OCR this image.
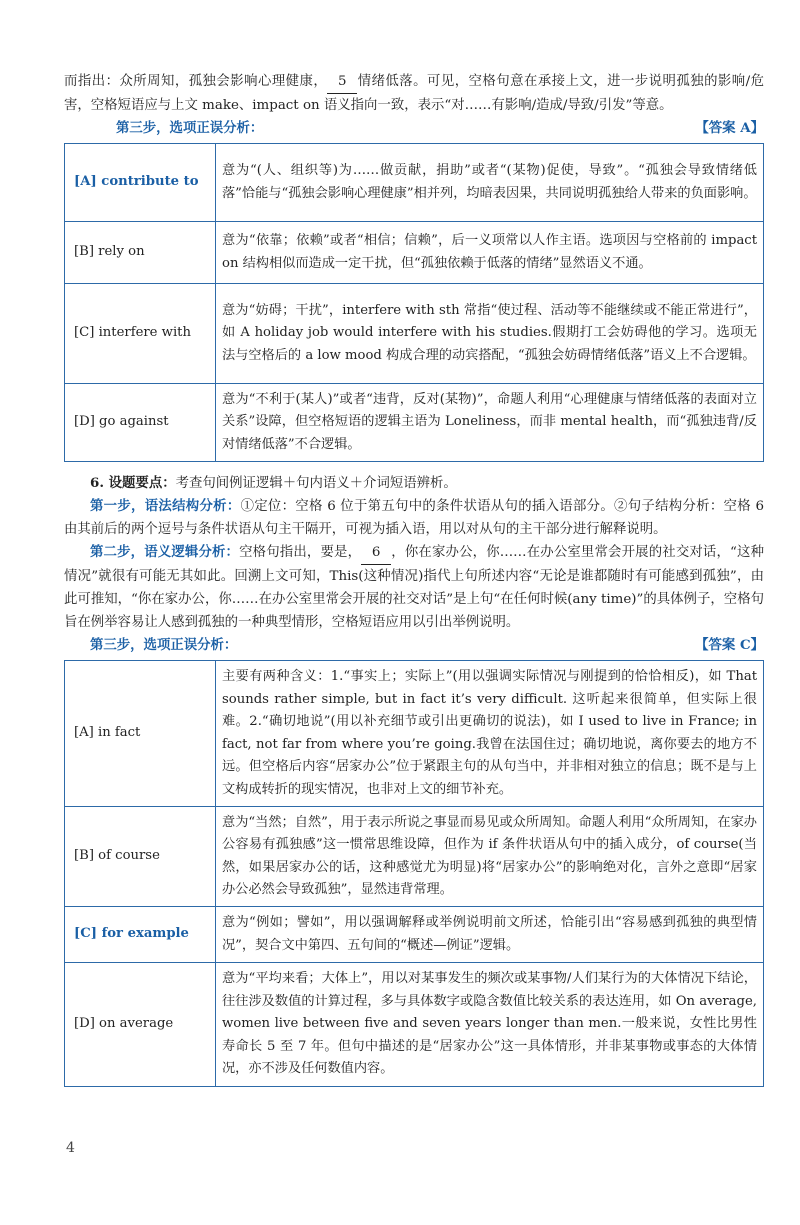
而指出：众所周知，孤独会影响心理健康， 5 情绪低落。可见，空格句意在承接上文，进一步说明孤独的影响/危害，空格短语应与上文 make、impact on 语义指向一致，表示“对……有影响/造成/导致/引发”等意。

第三步，选项正误分析：	【答案 A】
[A] contribute to	意为“(人、组织等)为……做贡献，捐助”或者“(某物)促使，导致”。“孤独会导致情绪低落”恰能与“孤独会影响心理健康”相并列，均暗表因果，共同说明孤独给人带来的负面影响。
[B] rely on	意为“依靠；依赖”或者“相信；信赖”，后一义项常以人作主语。选项因与空格前的 impact on 结构相似而造成一定干扰，但“孤独依赖于低落的情绪”显然语义不通。
[C] interfere with	意为“妨碍；干扰”，interfere with sth 常指“使过程、活动等不能继续或不能正常进行”，如 A holiday job would interfere with his studies.假期打工会妨碍他的学习。选项无法与空格后的 a low mood 构成合理的动宾搭配，“孤独会妨碍情绪低落”语义上不合逻辑。
[D] go against	意为“不利于(某人)”或者“违背，反对(某物)”，命题人利用“心理健康与情绪低落的表面对立关系”设障，但空格短语的逻辑主语为 Loneliness，而非 mental health，而“孤独违背/反对情绪低落”不合逻辑。

6. 设题要点：考查句间例证逻辑＋句内语义＋介词短语辨析。

第一步，语法结构分析：①定位：空格 6 位于第五句中的条件状语从句的插入语部分。②句子结构分析：空格 6 由其前后的两个逗号与条件状语从句主干隔开，可视为插入语，用以对从句的主干部分进行解释说明。

第二步，语义逻辑分析：空格句指出，要是， 6 ，你在家办公，你……在办公室里常会开展的社交对话，“这种情况”就很有可能无其如此。回溯上文可知，This(这种情况)指代上句所述内容“无论是谁都随时有可能感到孤独”，由此可推知，“你在家办公，你……在办公室里常会开展的社交对话”是上句“在任何时候(any time)”的具体例子，空格句旨在例举容易让人感到孤独的一种典型情形，空格短语应用以引出举例说明。

第三步，选项正误分析：	【答案 C】
[A] in fact	主要有两种含义：1.“事实上；实际上”(用以强调实际情况与刚提到的恰恰相反)，如 That sounds rather simple, but in fact it’s very difficult. 这听起来很简单，但实际上很难。2.“确切地说”(用以补充细节或引出更确切的说法)，如 I used to live in France; in fact, not far from where you’re going.我曾在法国住过；确切地说，离你要去的地方不远。但空格后内容“居家办公”位于紧跟主句的从句当中，并非相对独立的信息；既不是与上文构成转折的现实情况，也非对上文的细节补充。
[B] of course	意为“当然；自然”，用于表示所说之事显而易见或众所周知。命题人利用“众所周知，在家办公容易有孤独感”这一惯常思维设障，但作为 if 条件状语从句中的插入成分，of course(当然，如果居家办公的话，这种感觉尤为明显)将“居家办公”的影响绝对化，言外之意即“居家办公必然会导致孤独”，显然违背常理。
[C] for example	意为“例如；譬如”，用以强调解释或举例说明前文所述，恰能引出“容易感到孤独的典型情况”，契合文中第四、五句间的“概述—例证”逻辑。
[D] on average	意为“平均来看；大体上”，用以对某事发生的频次或某事物/人们某行为的大体情况下结论，往往涉及数值的计算过程，多与具体数字或隐含数值比较关系的表达连用，如 On average, women live between five and seven years longer than men.一般来说，女性比男性寿命长 5 至 7 年。但句中描述的是“居家办公”这一具体情形，并非某事物或事态的大体情况，亦不涉及任何数值内容。
4
